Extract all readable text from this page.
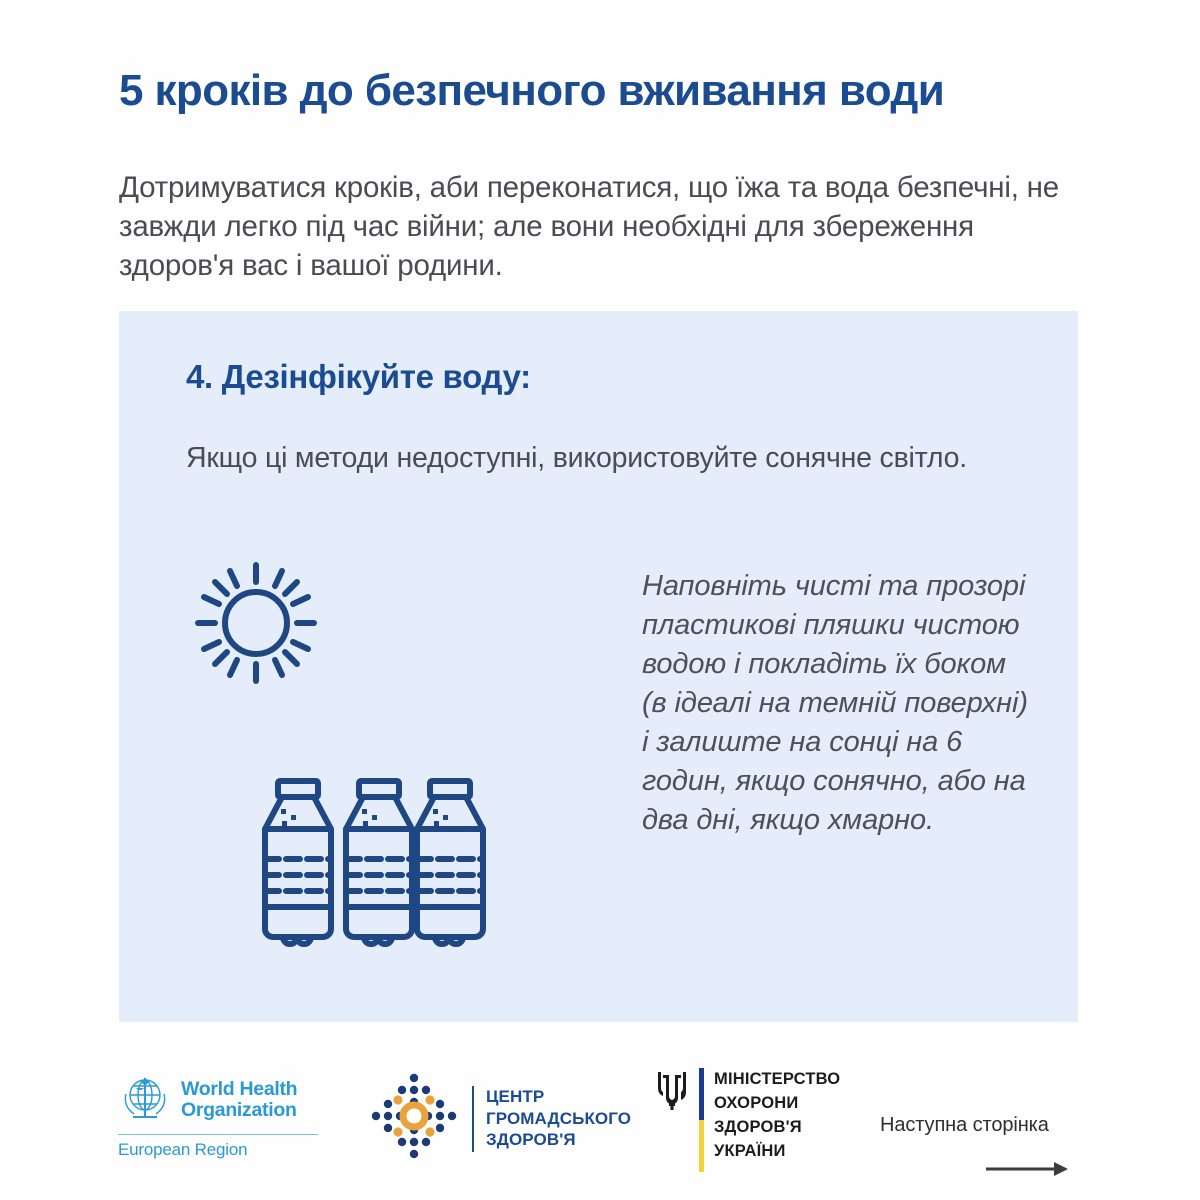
5 кроків до безпечного вживання води

Дотримуватися кроків, аби переконатися, що їжа та вода безпечні, не завжди легко під час війни; але вони необхідні для збереження здоров'я вас і вашої родини.

4. Дезінфікуйте воду:

Якщо ці методи недоступні, використовуйте сонячне світло.

Наповніть чисті та прозорі пластикові пляшки чистою водою і покладіть їх боком (в ідеалі на темній поверхні) і залиште на сонці на 6 годин, якщо сонячно, або на два дні, якщо хмарно.

World Health
Organization
European Region
ЦЕНТР
ГРОМАДСЬКОГО
ЗДОРОВ'Я
МІНІСТЕРСТВО
ОХОРОНИ
ЗДОРОВ'Я
УКРАЇНИ
Наступна сторінка
